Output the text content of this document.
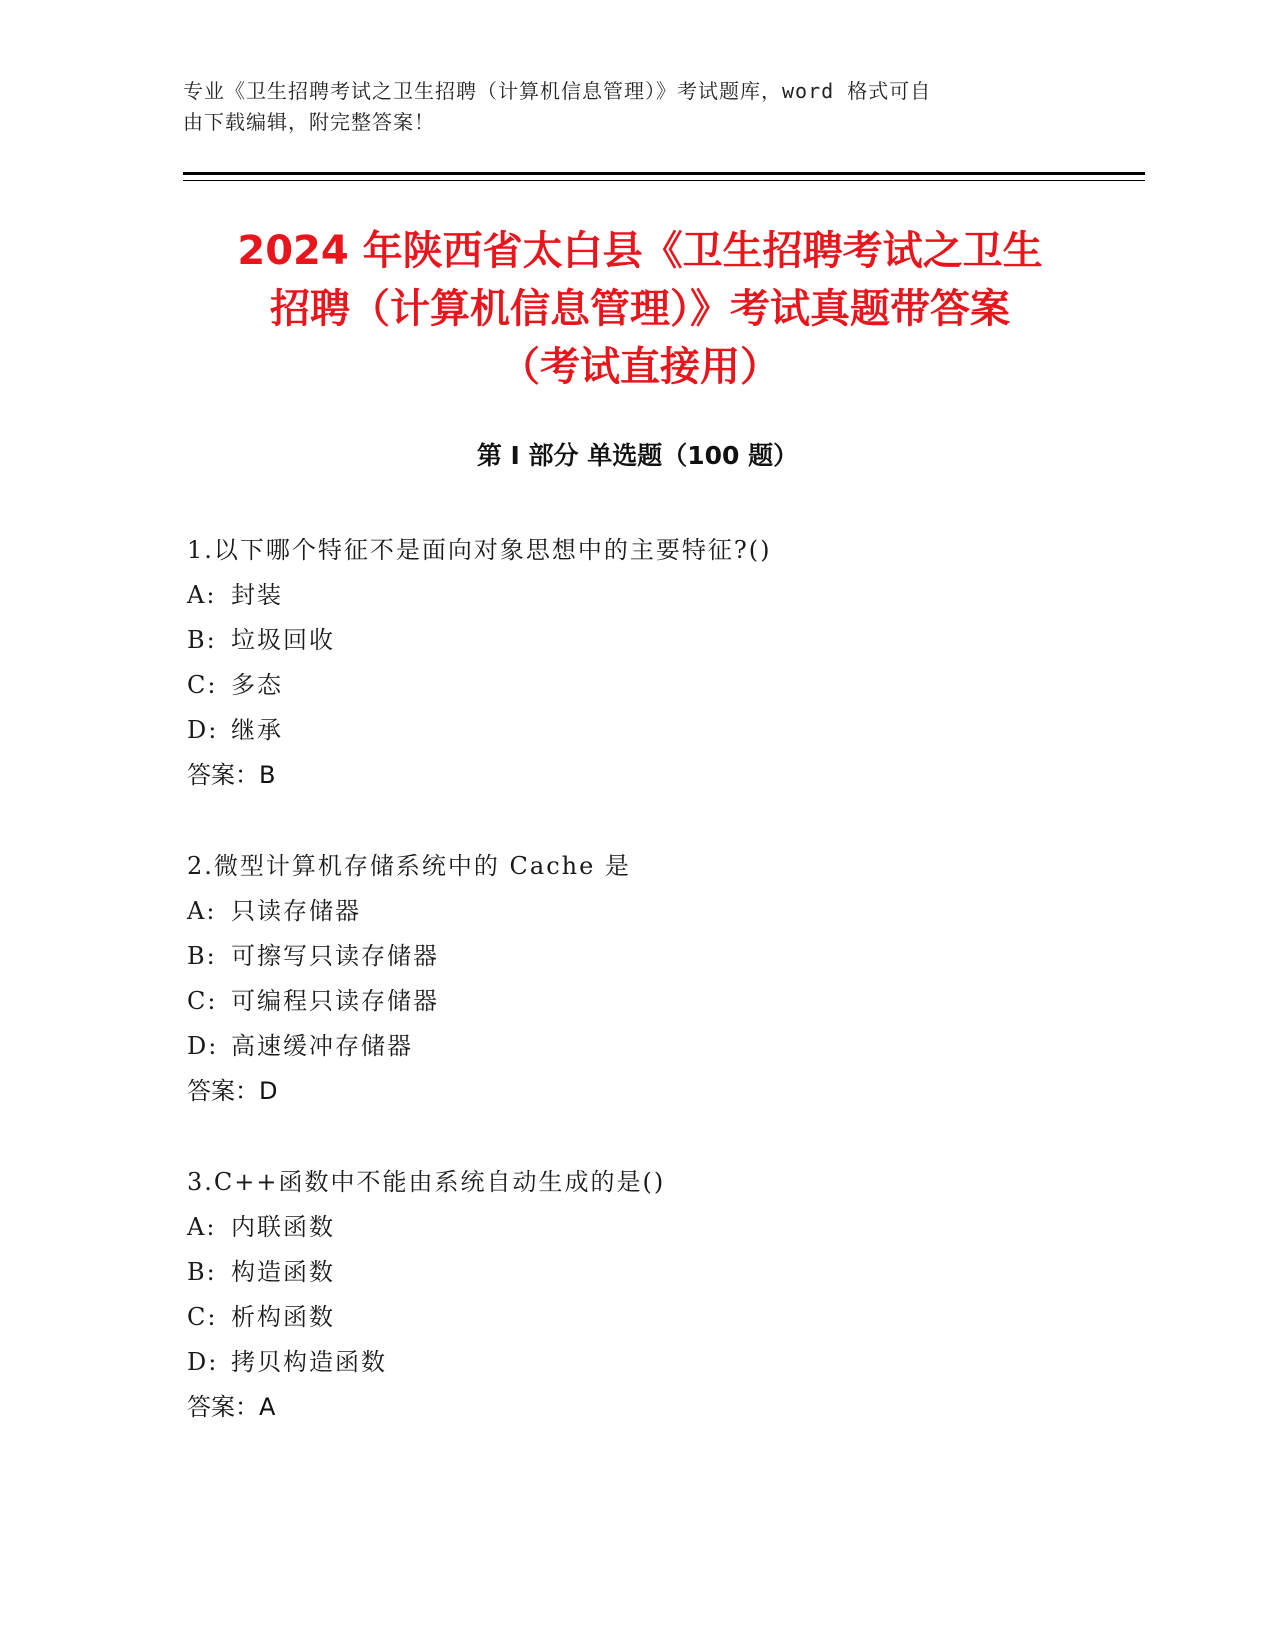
专业《卫生招聘考试之卫生招聘（计算机信息管理）》考试题库，word 格式可自
由下载编辑，附完整答案！
2024 年陕西省太白县《卫生招聘考试之卫生
招聘（计算机信息管理）》考试真题带答案
（考试直接用）
第 I 部分 单选题（100 题）
1.以下哪个特征不是面向对象思想中的主要特征?()
A: 封装
B: 垃圾回收
C: 多态
D: 继承
答案：B
2.微型计算机存储系统中的 Cache 是
A: 只读存储器
B: 可擦写只读存储器
C: 可编程只读存储器
D: 高速缓冲存储器
答案：D
3.C++函数中不能由系统自动生成的是()
A: 内联函数
B: 构造函数
C: 析构函数
D: 拷贝构造函数
答案：A
